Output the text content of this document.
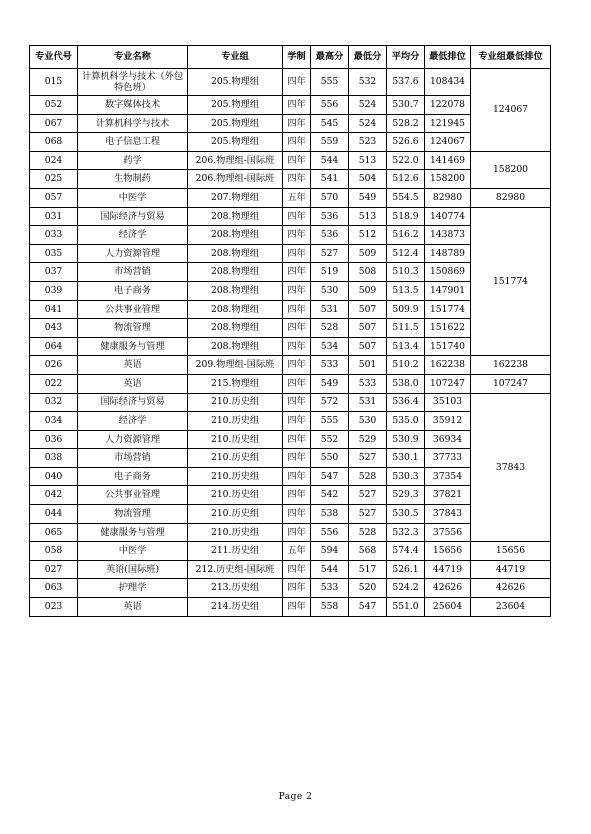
专业代号	专业名称	专业组	学制	最高分	最低分	平均分	最低排位	专业组最低排位
015	计算机科学与技术（外包特色班）	205.物理组	四年	555	532	537.6	108434	124067
052	数字媒体技术	205.物理组	四年	556	524	530.7	122078	
067	计算机科学与技术	205.物理组	四年	545	524	528.2	121945	
068	电子信息工程	205.物理组	四年	559	523	526.6	124067	
024	药学	206.物理组-国际班	四年	544	513	522.0	141469	158200
025	生物制药	206.物理组-国际班	四年	541	504	512.6	158200	
057	中医学	207.物理组	五年	570	549	554.5	82980	82980
031	国际经济与贸易	208.物理组	四年	536	513	518.9	140774	151774
033	经济学	208.物理组	四年	536	512	516.2	143873	
035	人力资源管理	208.物理组	四年	527	509	512.4	148789	
037	市场营销	208.物理组	四年	519	508	510.3	150869	
039	电子商务	208.物理组	四年	530	509	513.5	147901	
041	公共事业管理	208.物理组	四年	531	507	509.9	151774	
043	物流管理	208.物理组	四年	528	507	511.5	151622	
064	健康服务与管理	208.物理组	四年	534	507	513.4	151740	
026	英语	209.物理组-国际班	四年	533	501	510.2	162238	162238
022	英语	215.物理组	四年	549	533	538.0	107247	107247
032	国际经济与贸易	210.历史组	四年	572	531	536.4	35103	37843
034	经济学	210.历史组	四年	555	530	535.0	35912	
036	人力资源管理	210.历史组	四年	552	529	530.9	36934	
038	市场营销	210.历史组	四年	550	527	530.1	37733	
040	电子商务	210.历史组	四年	547	528	530.3	37354	
042	公共事业管理	210.历史组	四年	542	527	529.3	37821	
044	物流管理	210.历史组	四年	538	527	530.5	37843	
065	健康服务与管理	210.历史组	四年	556	528	532.3	37556	
058	中医学	211.历史组	五年	594	568	574.4	15656	15656
027	英语(国际班)	212.历史组-国际班	四年	544	517	526.1	44719	44719
063	护理学	213.历史组	四年	533	520	524.2	42626	42626
023	英语	214.历史组	四年	558	547	551.0	25604	23604
Page 2
